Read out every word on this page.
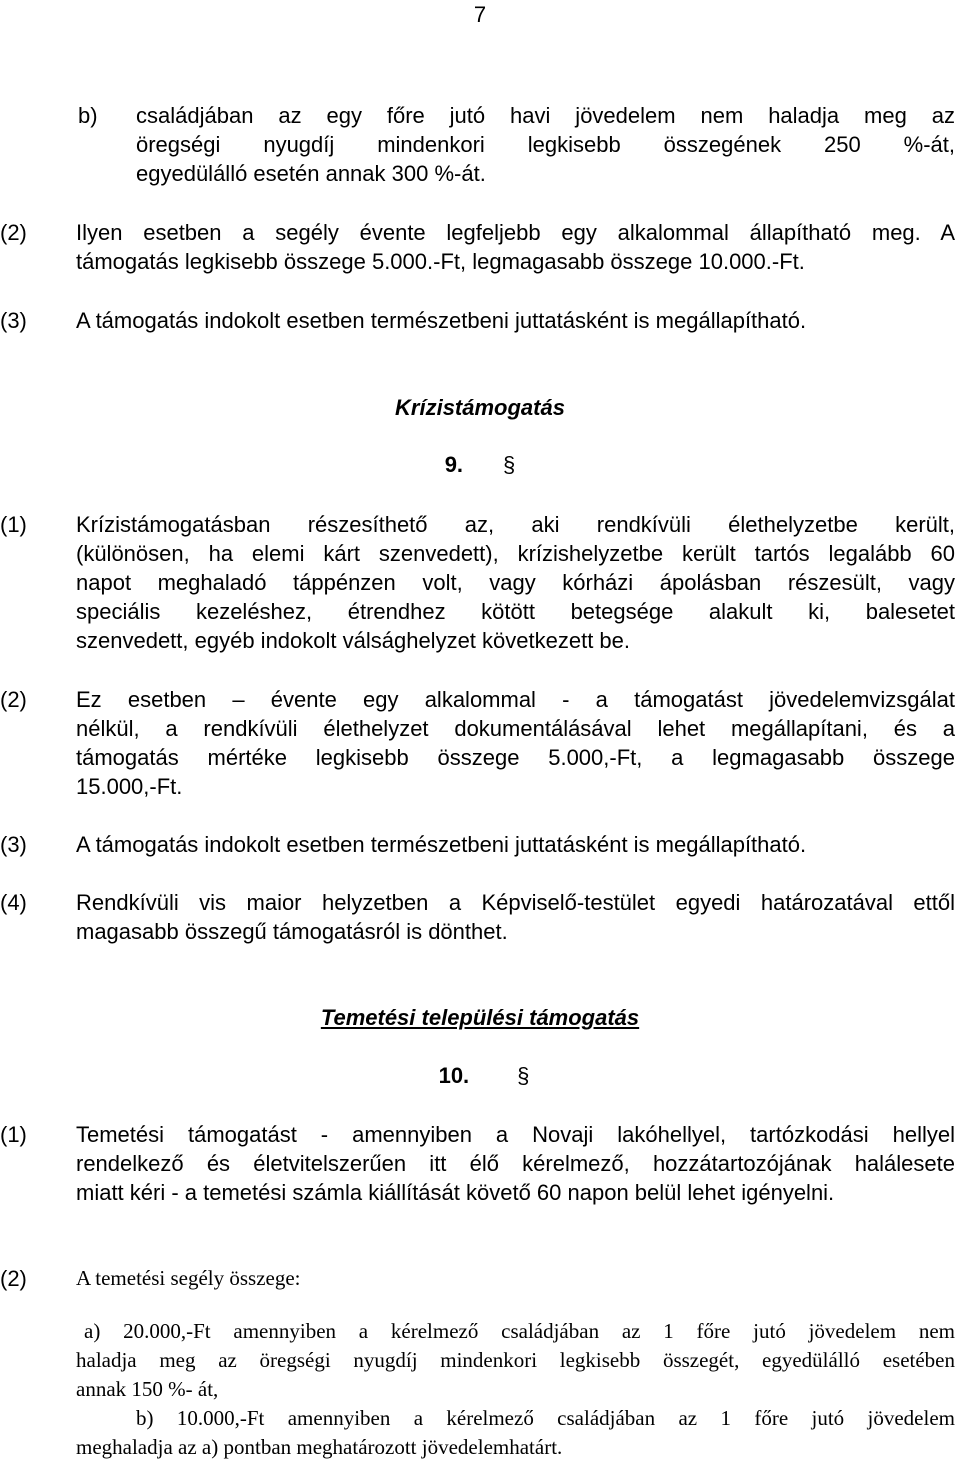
7
b) családjában az egy főre jutó havi jövedelem nem haladja meg az
öregségi nyugdíj mindenkori legkisebb összegének 250 %-át,
egyedülálló esetén annak 300 %-át.
(2) Ilyen esetben a segély évente legfeljebb egy alkalommal állapítható meg. A
támogatás legkisebb összege 5.000.-Ft, legmagasabb összege 10.000.-Ft.
(3) A támogatás indokolt esetben természetbeni juttatásként is megállapítható.
Krízistámogatás
9. §
(1) Krízistámogatásban részesíthető az, aki rendkívüli élethelyzetbe került,
(különösen, ha elemi kárt szenvedett), krízishelyzetbe került tartós legalább 60
napot meghaladó táppénzen volt, vagy kórházi ápolásban részesült, vagy
speciális kezeléshez, étrendhez kötött betegsége alakult ki, balesetet
szenvedett, egyéb indokolt válsághelyzet következett be.
(2) Ez esetben – évente egy alkalommal - a támogatást jövedelemvizsgálat
nélkül, a rendkívüli élethelyzet dokumentálásával lehet megállapítani, és a
támogatás mértéke legkisebb összege 5.000,-Ft, a legmagasabb összege
15.000,-Ft.
(3) A támogatás indokolt esetben természetbeni juttatásként is megállapítható.
(4) Rendkívüli vis maior helyzetben a Képviselő-testület egyedi határozatával ettől
magasabb összegű támogatásról is dönthet.
Temetési települési támogatás
10. §
(1) Temetési támogatást - amennyiben a Novaji lakóhellyel, tartózkodási hellyel
rendelkező és életvitelszerűen itt élő kérelmező, hozzátartozójának halálesete
miatt kéri - a temetési számla kiállítását követő 60 napon belül lehet igényelni.
(2) A temetési segély összege:
a) 20.000,-Ft amennyiben a kérelmező családjában az 1 főre jutó jövedelem nem
haladja meg az öregségi nyugdíj mindenkori legkisebb összegét, egyedülálló esetében
annak 150 %- át,
b) 10.000,-Ft amennyiben a kérelmező családjában az 1 főre jutó jövedelem
meghaladja az a) pontban meghatározott jövedelemhatárt.
